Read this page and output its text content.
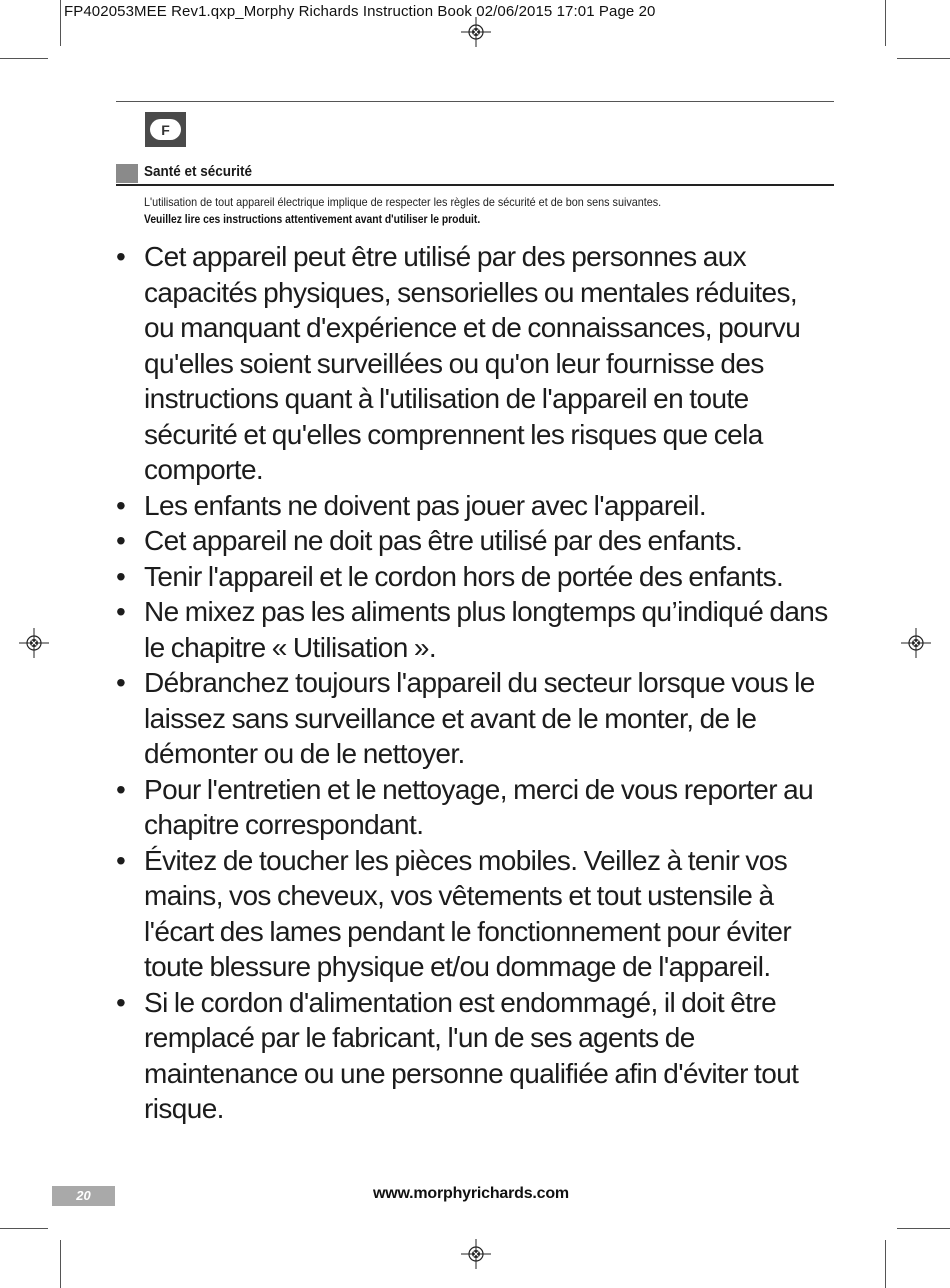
FP402053MEE Rev1.qxp_Morphy Richards Instruction Book 02/06/2015 17:01 Page 20
F
Santé et sécurité
L'utilisation de tout appareil électrique implique de respecter les règles de sécurité et de bon sens suivantes.
Veuillez lire ces instructions attentivement avant d'utiliser le produit.
• Cet appareil peut être utilisé par des personnes aux capacités physiques, sensorielles ou mentales réduites, ou manquant d'expérience et de connaissances, pourvu qu'elles soient surveillées ou qu'on leur fournisse des instructions quant à l'utilisation de l'appareil en toute sécurité et qu'elles comprennent les risques que cela comporte.
• Les enfants ne doivent pas jouer avec l'appareil.
• Cet appareil ne doit pas être utilisé par des enfants.
• Tenir l'appareil et le cordon hors de portée des enfants.
• Ne mixez pas les aliments plus longtemps qu’indiqué dans le chapitre « Utilisation ».
• Débranchez toujours l'appareil du secteur lorsque vous le laissez sans surveillance et avant de le monter, de le démonter ou de le nettoyer.
• Pour l'entretien et le nettoyage, merci de vous reporter au chapitre correspondant.
• Évitez de toucher les pièces mobiles. Veillez à tenir vos mains, vos cheveux, vos vêtements et tout ustensile à l'écart des lames pendant le fonctionnement pour éviter toute blessure physique et/ou dommage de l'appareil.
• Si le cordon d'alimentation est endommagé, il doit être remplacé par le fabricant, l'un de ses agents de maintenance ou une personne qualifiée afin d'éviter tout risque.
20	www.morphyrichards.com
